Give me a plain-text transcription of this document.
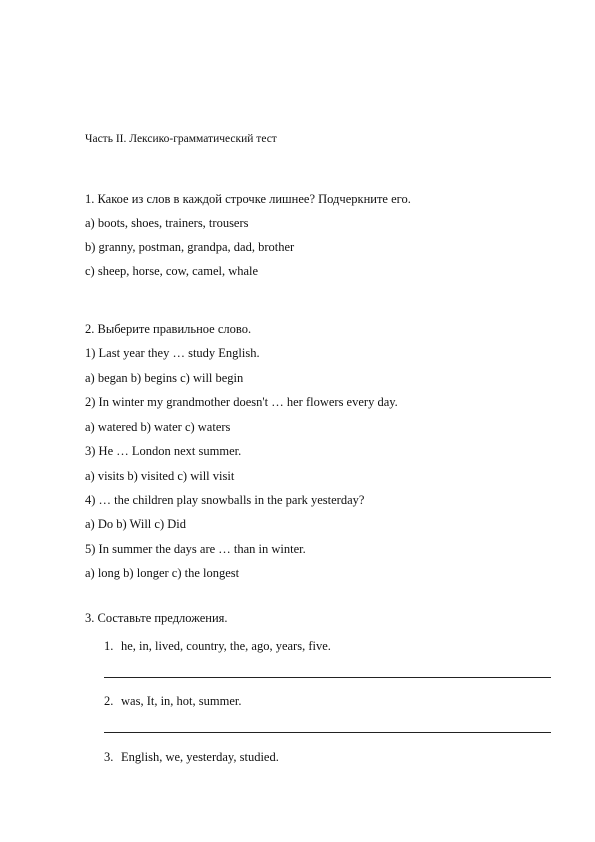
Часть II. Лексико-грамматический тест
1. Какое из слов в каждой строчке лишнее? Подчеркните его.
a) boots, shoes, trainers, trousers
b) granny, postman, grandpa, dad, brother
c) sheep, horse, cow, camel, whale
2. Выберите правильное слово.
1) Last year they … study English.
a) began b) begins c) will begin
2) In winter my grandmother doesn't … her flowers every day.
a) watered b) water c) waters
3) He … London next summer.
a) visits b) visited c) will visit
4) … the children play snowballs in the park yesterday?
a) Do b) Will c) Did
5) In summer the days are … than in winter.
a) long b) longer c) the longest
3. Составьте предложения.
1. he, in, lived, country, the, ago, years, five.
2. was, It, in, hot, summer.
3. English, we, yesterday, studied.
